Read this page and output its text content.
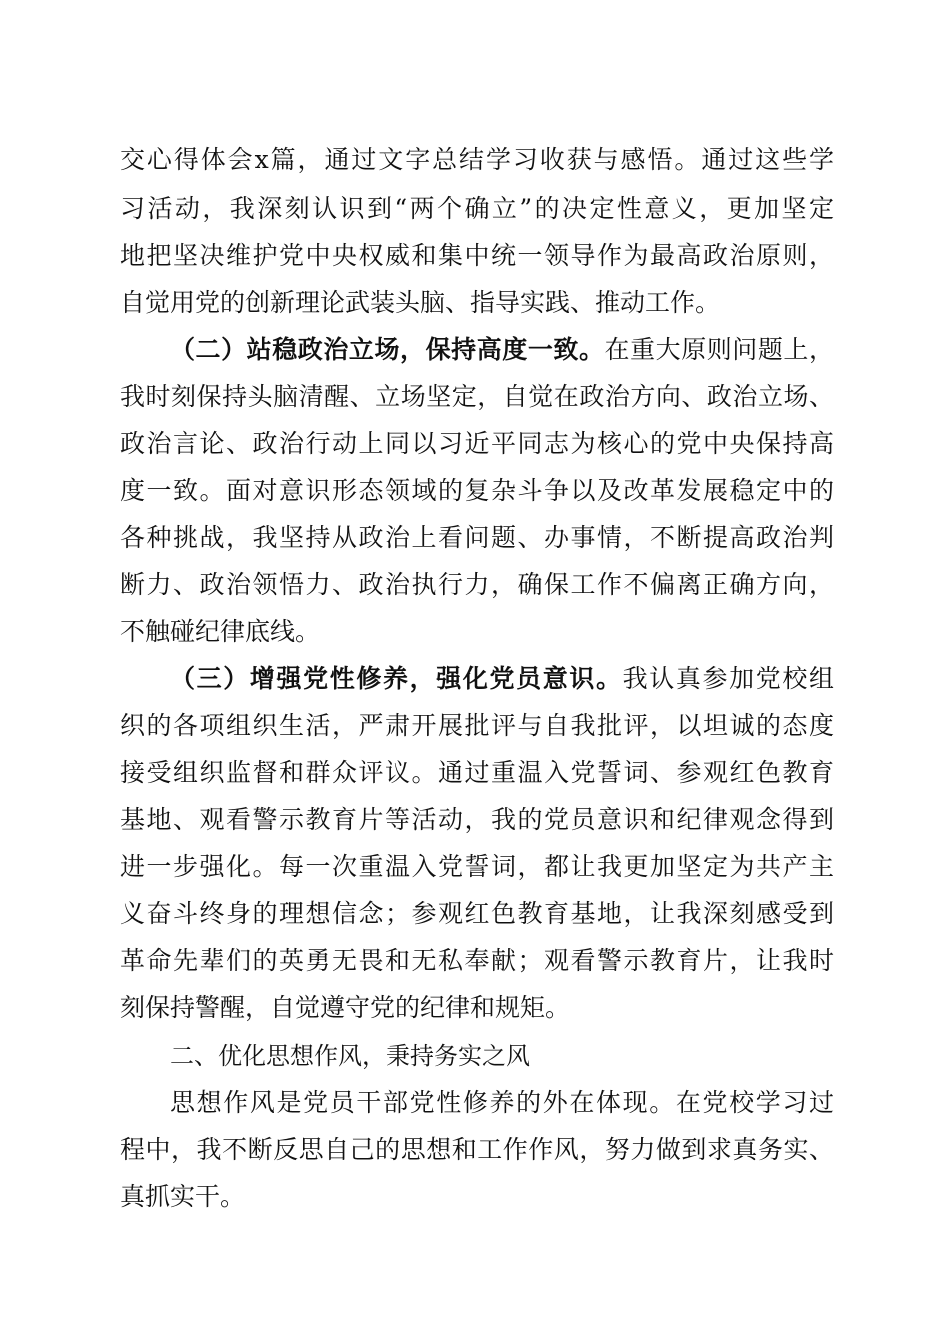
交心得体会x篇，通过文字总结学习收获与感悟。通过这些学
习活动，我深刻认识到“两个确立”的决定性意义，更加坚定
地把坚决维护党中央权威和集中统一领导作为最高政治原则，
自觉用党的创新理论武装头脑、指导实践、推动工作。
（二）站稳政治立场，保持高度一致。在重大原则问题上，
我时刻保持头脑清醒、立场坚定，自觉在政治方向、政治立场、
政治言论、政治行动上同以习近平同志为核心的党中央保持高
度一致。面对意识形态领域的复杂斗争以及改革发展稳定中的
各种挑战，我坚持从政治上看问题、办事情，不断提高政治判
断力、政治领悟力、政治执行力，确保工作不偏离正确方向，
不触碰纪律底线。
（三）增强党性修养，强化党员意识。我认真参加党校组
织的各项组织生活，严肃开展批评与自我批评，以坦诚的态度
接受组织监督和群众评议。通过重温入党誓词、参观红色教育
基地、观看警示教育片等活动，我的党员意识和纪律观念得到
进一步强化。每一次重温入党誓词，都让我更加坚定为共产主
义奋斗终身的理想信念；参观红色教育基地，让我深刻感受到
革命先辈们的英勇无畏和无私奉献；观看警示教育片，让我时
刻保持警醒，自觉遵守党的纪律和规矩。
二、优化思想作风，秉持务实之风
思想作风是党员干部党性修养的外在体现。在党校学习过
程中，我不断反思自己的思想和工作作风，努力做到求真务实、
真抓实干。
